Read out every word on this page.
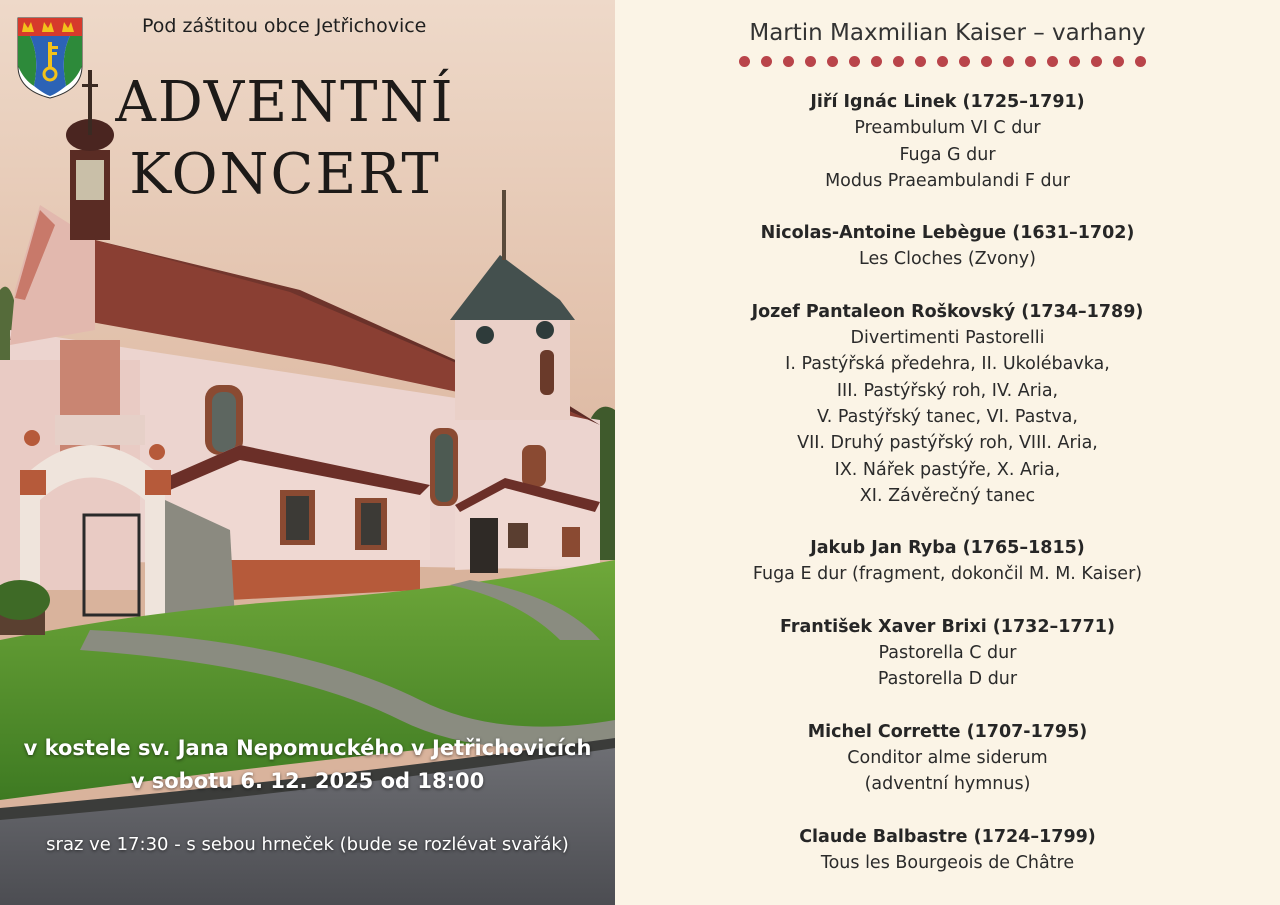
Pod záštitou obce Jetřichovice
ADVENTNÍ
KONCERT
v kostele sv. Jana Nepomuckého v Jetřichovicích
v sobotu 6. 12. 2025 od 18:00
sraz ve 17:30 - s sebou hrneček (bude se rozlévat svařák)
Martin Maxmilian Kaiser – varhany
Jiří Ignác Linek (1725–1791)
Preambulum VI C dur
Fuga G dur
Modus Praeambulandi F dur
Nicolas-Antoine Lebègue (1631–1702)
Les Cloches (Zvony)
Jozef Pantaleon Roškovský (1734–1789)
Divertimenti Pastorelli
I. Pastýřská předehra, II. Ukolébavka,
III. Pastýřský roh, IV. Aria,
V. Pastýřský tanec, VI. Pastva,
VII. Druhý pastýřský roh, VIII. Aria,
IX. Nářek pastýře, X. Aria,
XI. Závěrečný tanec
Jakub Jan Ryba (1765–1815)
Fuga E dur (fragment, dokončil M. M. Kaiser)
František Xaver Brixi (1732–1771)
Pastorella C dur
Pastorella D dur
Michel Corrette (1707-1795)
Conditor alme siderum
(adventní hymnus)
Claude Balbastre (1724–1799)
Tous les Bourgeois de Châtre
